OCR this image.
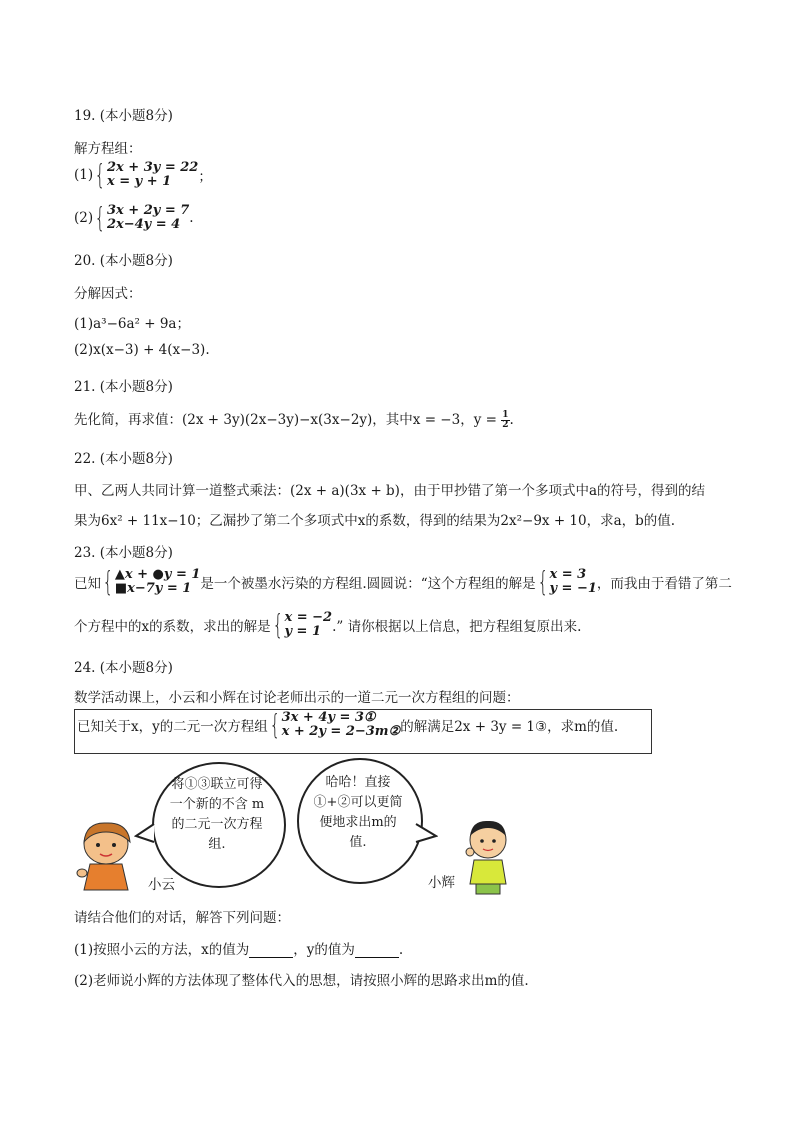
19. (本小题8分)
解方程组：
(1) { 2x + 3y = 22
x = y + 1	；
(2) { 3x + 2y = 7
2x−4y = 4 .
20. (本小题8分)
分解因式：
(1)a³−6a² + 9a；
(2)x(x−3) + 4(x−3).
21. (本小题8分)
先化简，再求值：(2x + 3y)(2x−3y)−x(3x−2y)，其中x = −3，$y = \frac{1}{2}$ .
22. (本小题8分)
甲、乙两人共同计算一道整式乘法：(2x + a)(3x + b)，由于甲抄错了第一个多项式中a的符号，得到的结
果为6x² + 11x−10；乙漏抄了第二个多项式中x的系数，得到的结果为2x²−9x + 10，求a，b的值.
23. (本小题8分)
已知 { ▲x + ●y = 1
■x−7y = 1 是一个被墨水污染的方程组.圆圆说：“这个方程组的解是 { x = 3
y = −1 ，而我由于看错了第二
个方程中的x的系数，求出的解是 { x = −2
y = 1 .” 请你根据以上信息，把方程组复原出来.
24. (本小题8分)
数学活动课上，小云和小辉在讨论老师出示的一道二元一次方程组的问题：
已知关于x，y的二元一次方程组 { 3x + 4y = 3①
x + 2y = 2−3m② 的解满足2x + 3y = 1③，求m的值.
小云
将①③联立可得一个新的不含 m 的二元一次方程组.
哈哈！直接①+②可以更简便地求出m的值.
小辉
请结合他们的对话，解答下列问题：
(1)按照小云的方法，x的值为	，y的值为	.
(2)老师说小辉的方法体现了整体代入的思想，请按照小辉的思路求出m的值.
